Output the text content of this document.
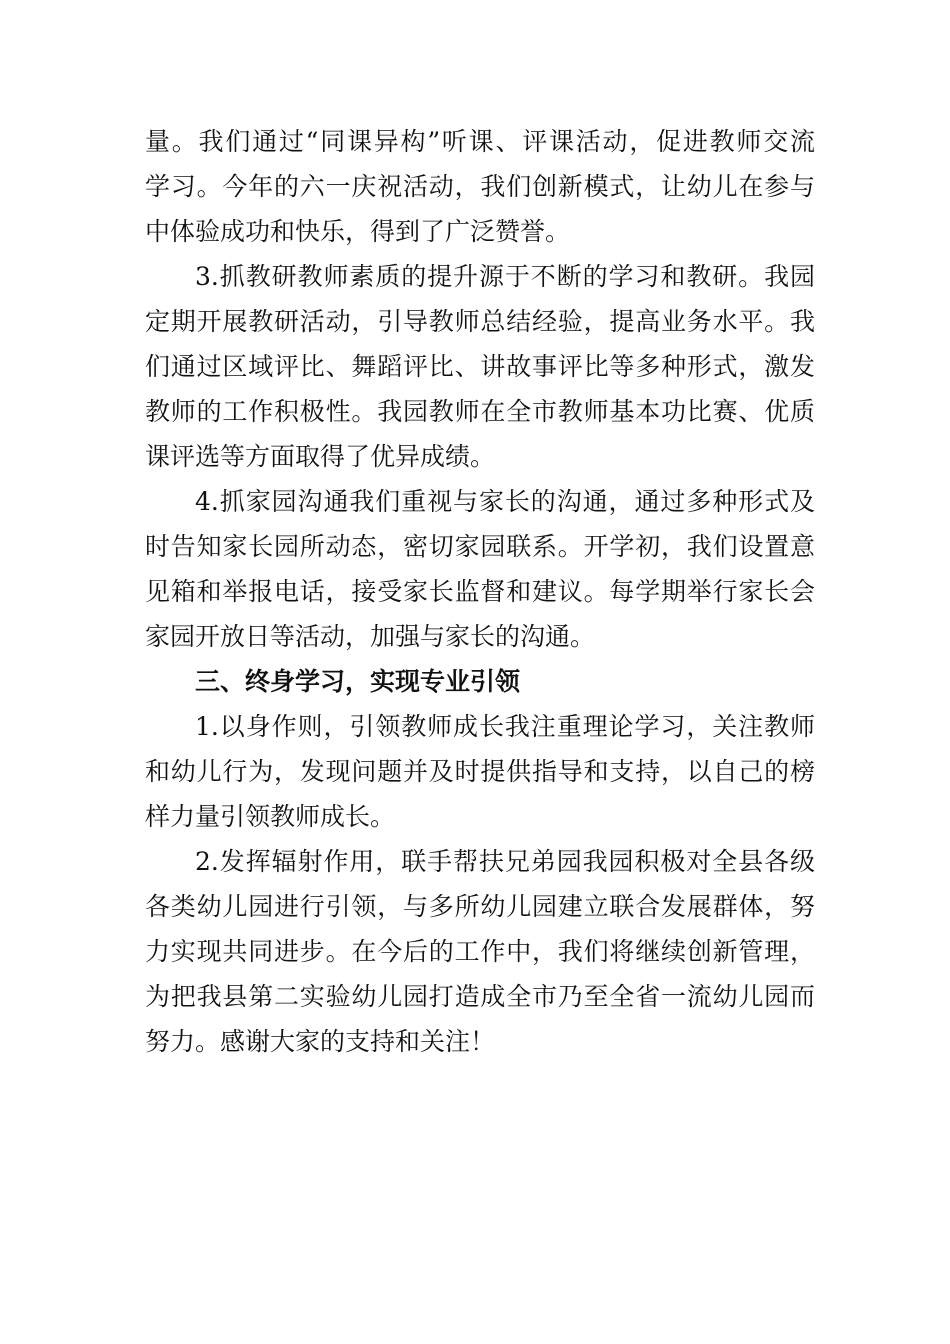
量。我们通过“同课异构”听课、评课活动，促进教师交流
学习。今年的六一庆祝活动，我们创新模式，让幼儿在参与
中体验成功和快乐，得到了广泛赞誉。
3.抓教研教师素质的提升源于不断的学习和教研。我园
定期开展教研活动，引导教师总结经验，提高业务水平。我
们通过区域评比、舞蹈评比、讲故事评比等多种形式，激发
教师的工作积极性。我园教师在全市教师基本功比赛、优质
课评选等方面取得了优异成绩。
4.抓家园沟通我们重视与家长的沟通，通过多种形式及
时告知家长园所动态，密切家园联系。开学初，我们设置意
见箱和举报电话，接受家长监督和建议。每学期举行家长会
家园开放日等活动，加强与家长的沟通。
三、终身学习，实现专业引领
1.以身作则，引领教师成长我注重理论学习，关注教师
和幼儿行为，发现问题并及时提供指导和支持，以自己的榜
样力量引领教师成长。
2.发挥辐射作用，联手帮扶兄弟园我园积极对全县各级
各类幼儿园进行引领，与多所幼儿园建立联合发展群体，努
力实现共同进步。在今后的工作中，我们将继续创新管理，
为把我县第二实验幼儿园打造成全市乃至全省一流幼儿园而
努力。感谢大家的支持和关注！
